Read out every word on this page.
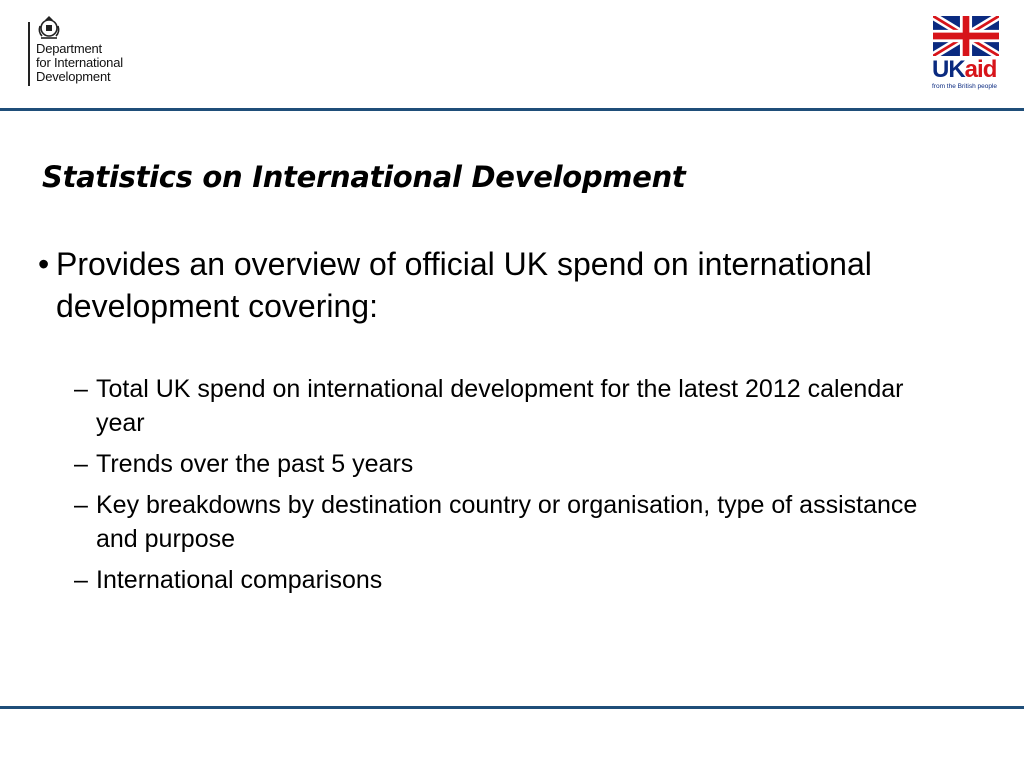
Department
for International
Development	UKaid
from the British people
Statistics on International Development
• Provides an overview of official UK spend on international development covering:
– Total UK spend on international development for the latest 2012 calendar year
– Trends over the past 5 years
– Key breakdowns by destination country or organisation, type of assistance and purpose
– International comparisons
